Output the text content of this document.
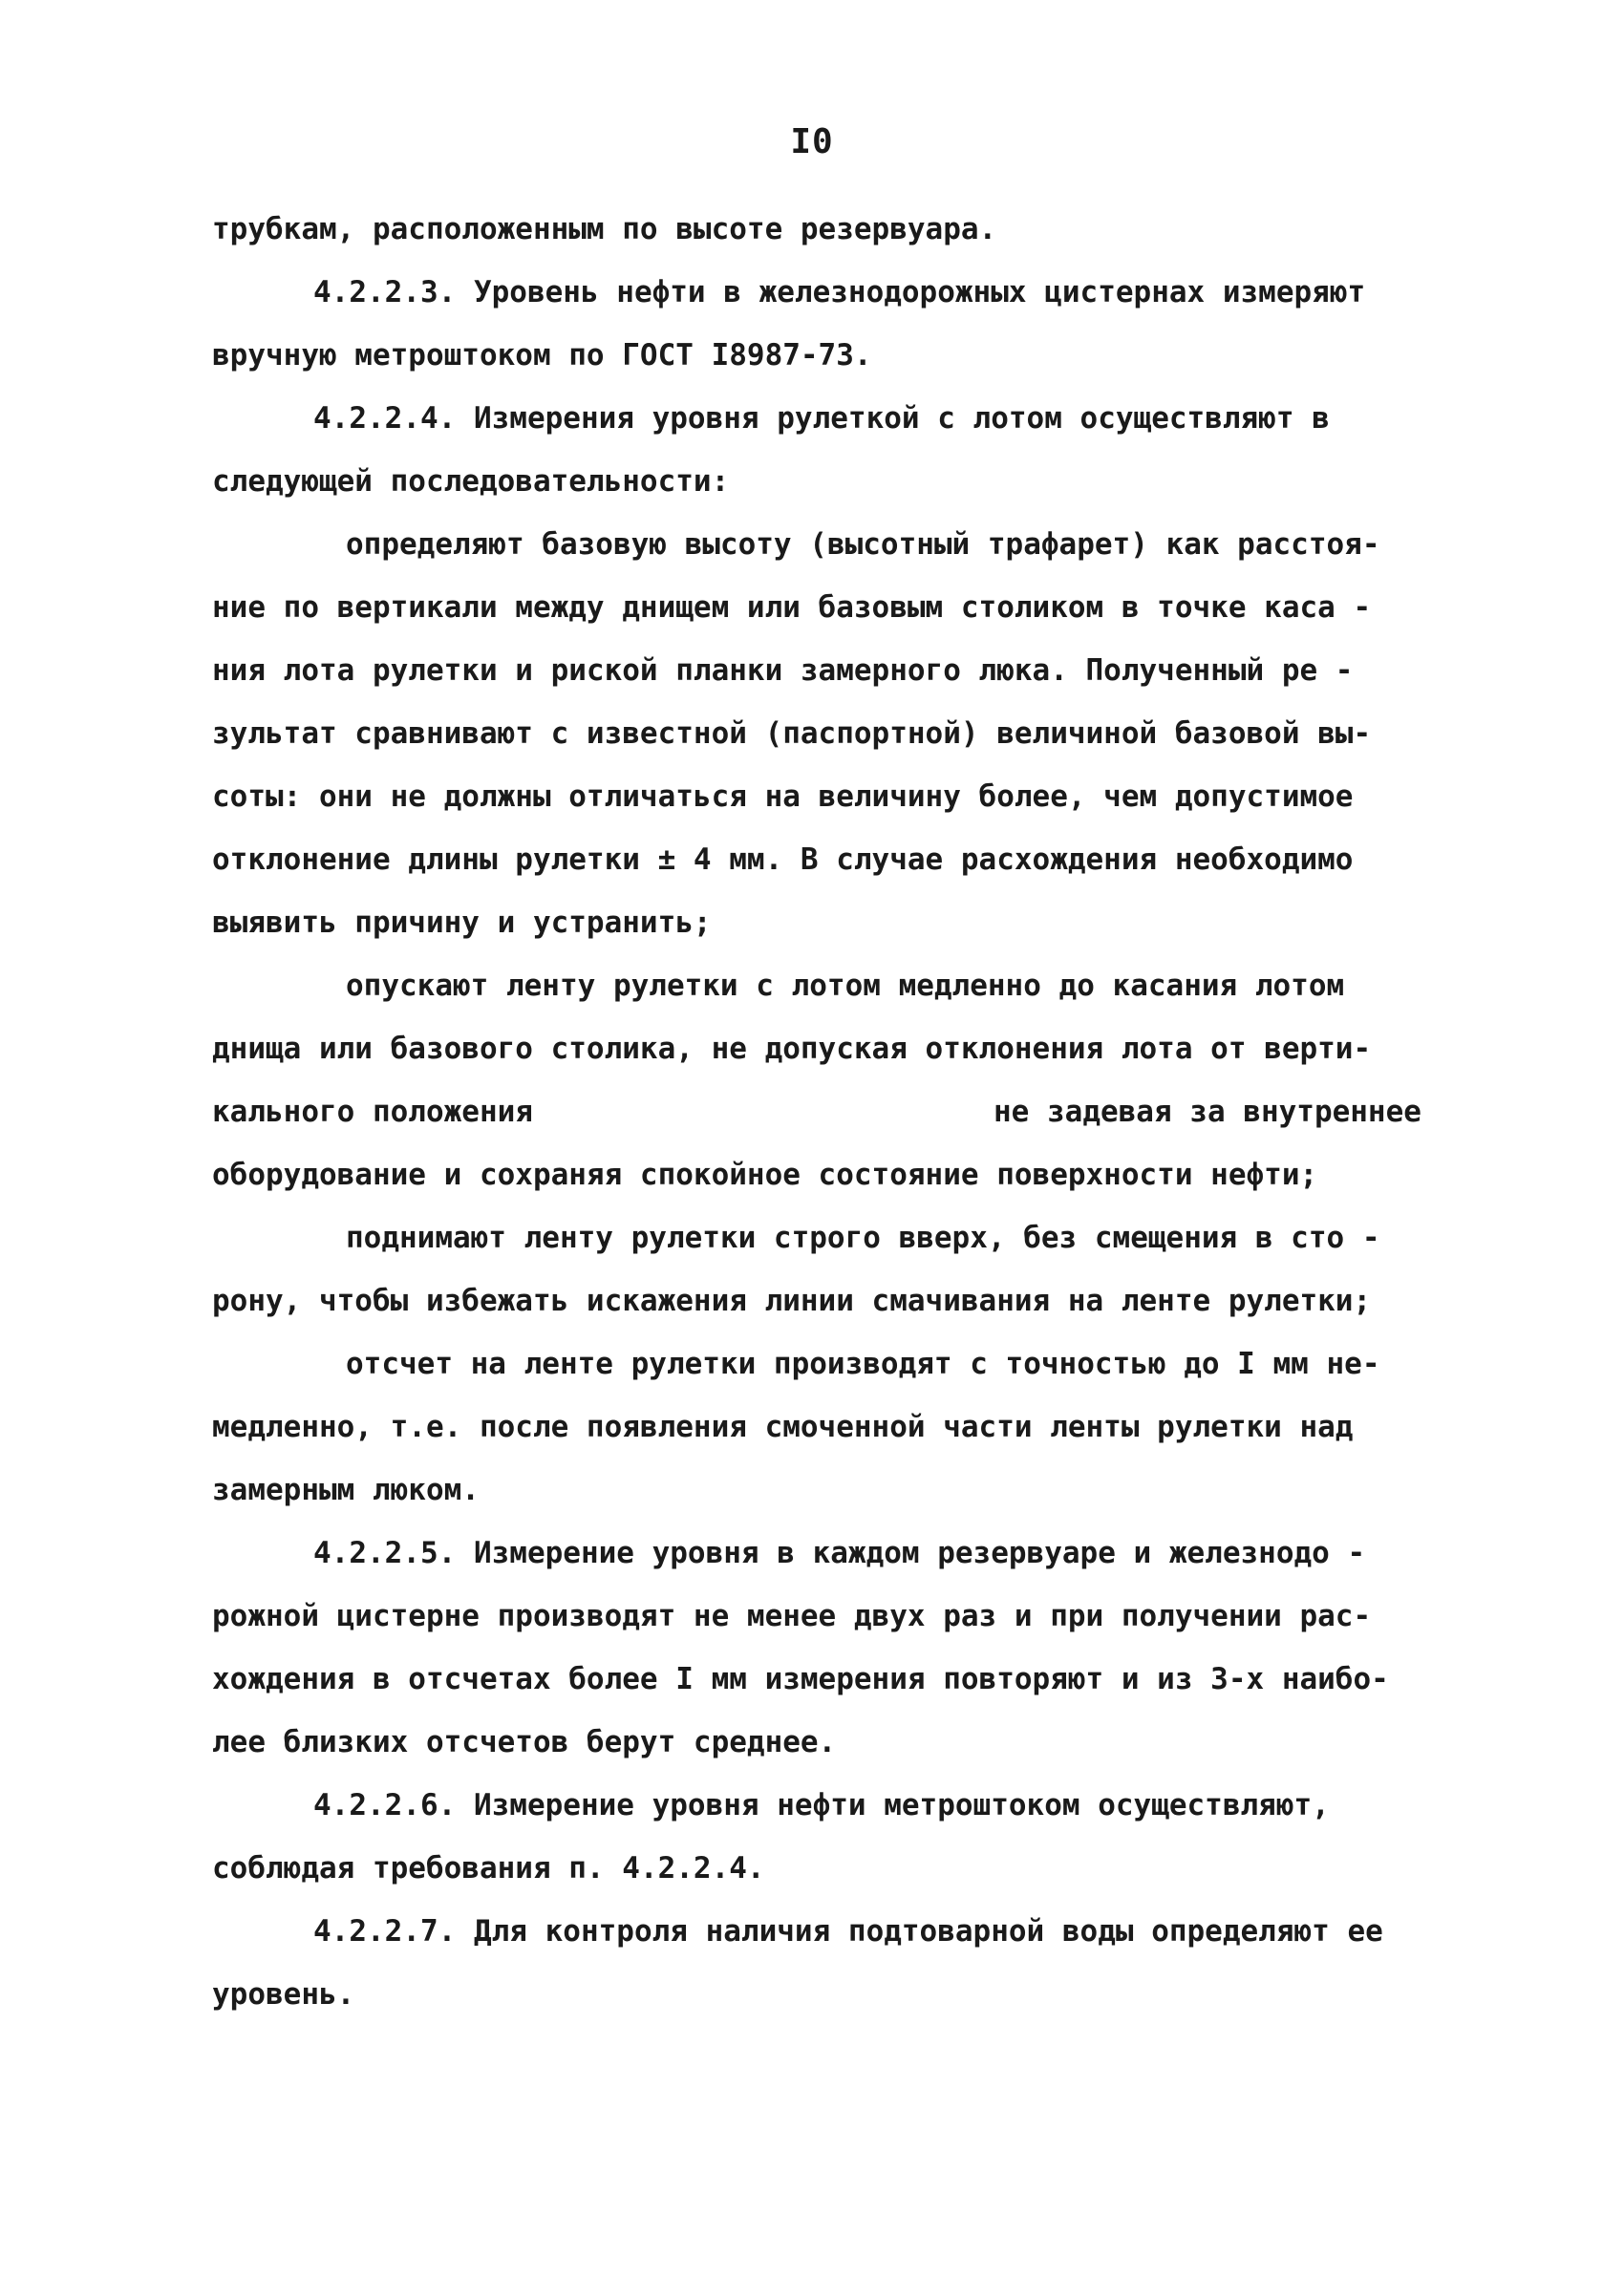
I0
трубкам, расположенным по высоте резервуара.
4.2.2.3. Уровень нефти в железнодорожных цистернах измеряют
вручную метроштоком по ГОСТ I8987-73.
4.2.2.4. Измерения уровня рулеткой с лотом осуществляют в
следующей последовательности:
определяют базовую высоту (высотный трафарет) как расстоя-
ние по вертикали между днищем или базовым столиком в точке каса -
ния лота рулетки и риской планки замерного люка. Полученный ре -
зультат сравнивают с известной (паспортной) величиной базовой вы-
соты: они не должны отличаться на величину более, чем допустимое
отклонение длины рулетки ± 4 мм. В случае расхождения необходимо
выявить причину и устранить;
опускают ленту рулетки с лотом медленно до касания лотом
днища или базового столика, не допуская отклонения лота от верти-
кального положения	не задевая за внутреннее
оборудование и сохраняя спокойное состояние поверхности нефти;
поднимают ленту рулетки строго вверх, без смещения в сто -
рону, чтобы избежать искажения линии смачивания на ленте рулетки;
отсчет на ленте рулетки производят с точностью до I мм не-
медленно, т.е. после появления смоченной части ленты рулетки над
замерным люком.
4.2.2.5. Измерение уровня в каждом резервуаре и железнодо -
рожной цистерне производят не менее двух раз и при получении рас-
хождения в отсчетах более I мм измерения повторяют и из 3-х наибо-
лее близких отсчетов берут среднее.
4.2.2.6. Измерение уровня нефти метроштоком осуществляют,
соблюдая требования п. 4.2.2.4.
4.2.2.7. Для контроля наличия подтоварной воды определяют ее
уровень.
